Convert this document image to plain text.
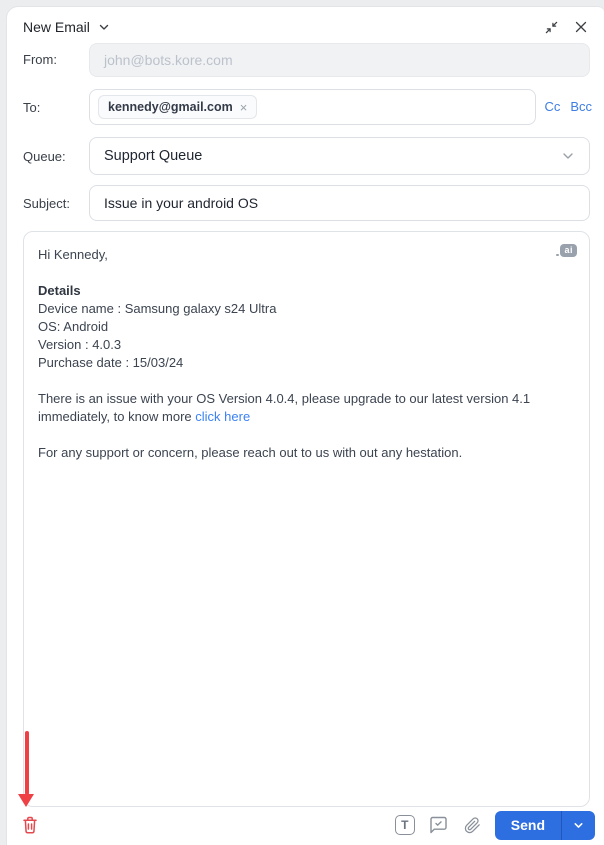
New Email
From:	john@bots.kore.com
To:	kennedy@gmail.com ×	Cc Bcc
Queue:	Support Queue
Subject: Issue in your android OS
ai

Hi Kennedy,

Details

Device name : Samsung galaxy s24 Ultra

OS: Android

Version : 4.0.3

Purchase date : 15/03/24

There is an issue with your OS Version 4.0.4, please upgrade to our latest version 4.1 immediately, to know more click here

For any support or concern, please reach out to us with out any hestation.

T	Send
